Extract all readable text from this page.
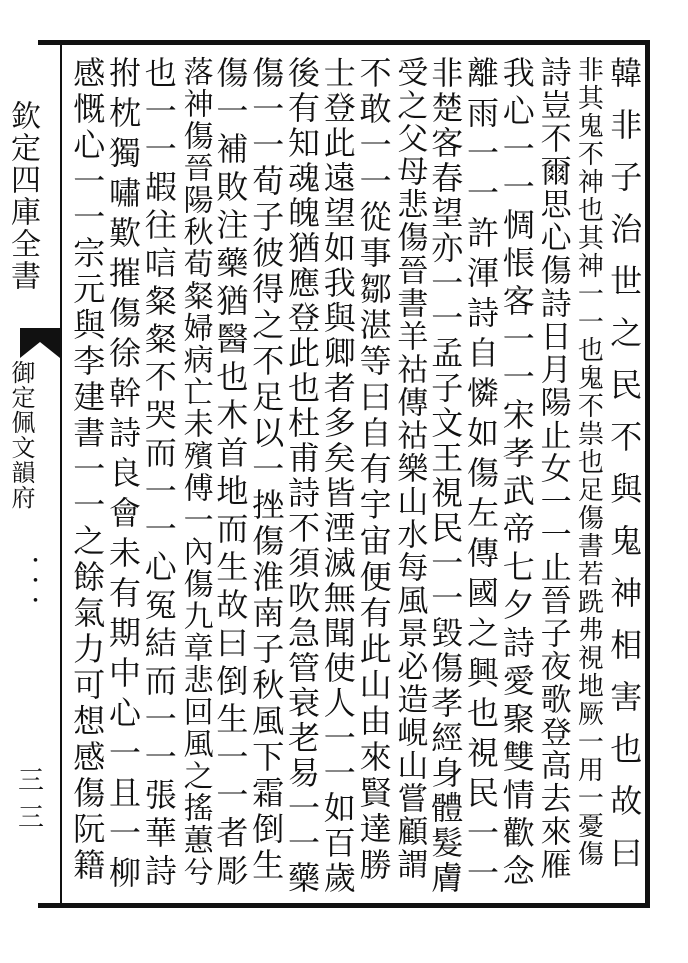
欽定四庫全書
御定佩文韻府
・・・
三三	韓非子治世之民不與鬼神相害也故曰
非其鬼不神也其神一一也鬼不祟也足傷書若跣弗視地厥一用一憂傷
詩豈不爾思心傷詩日月陽止女一一止晉子夜歌登高去來雁
我心一一惆悵客一一宋孝武帝七夕詩愛聚雙情歡念
離雨一一許渾詩自憐如傷左傳國之興也視民一一
非楚客春望亦一一孟子文王視民一一毀傷孝經身體髮膚
受之父母悲傷晉書羊祜傳祜樂山水每風景必造峴山嘗顧謂
不敢一一從事鄒湛等曰自有宇宙便有此山由來賢達勝
士登此遠望如我與卿者多矣皆湮滅無聞使人一一如百歲
後有知魂魄猶應登此也杜甫詩不須吹急管衰老易一一藥
傷一一荀子彼得之不足以一挫傷淮南子秋風下霜倒生
傷一補敗注藥猶醫也木首地而生故曰倒生一一者彫
落神傷晉陽秋荀粲婦病亡未殯傅一內傷九章悲回風之搖蕙兮
也一一嘏往唁粲粲不哭而一一心冤結而一一張華詩
拊枕獨嘯歎摧傷徐幹詩良會未有期中心一且一柳
感慨心一一宗元與李建書一一之餘氣力可想感傷阮籍
